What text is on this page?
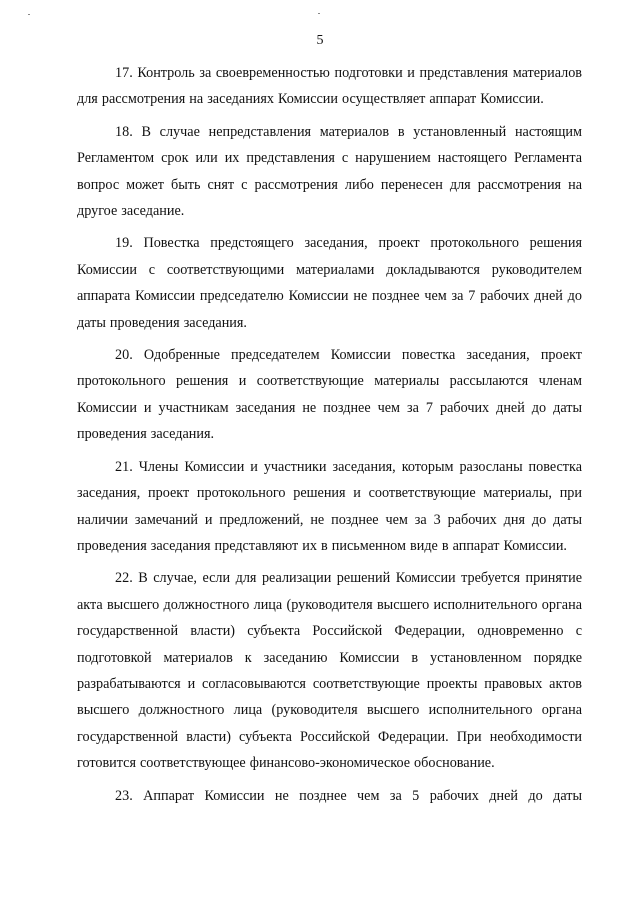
5

17. Контроль за своевременностью подготовки и представления материалов для рассмотрения на заседаниях Комиссии осуществляет аппарат Комиссии.

18. В случае непредставления материалов в установленный настоящим Регламентом срок или их представления с нарушением настоящего Регламента вопрос может быть снят с рассмотрения либо перенесен для рассмотрения на другое заседание.

19. Повестка предстоящего заседания, проект протокольного решения Комиссии с соответствующими материалами докладываются руководителем аппарата Комиссии председателю Комиссии не позднее чем за 7 рабочих дней до даты проведения заседания.

20. Одобренные председателем Комиссии повестка заседания, проект протокольного решения и соответствующие материалы рассылаются членам Комиссии и участникам заседания не позднее чем за 7 рабочих дней до даты проведения заседания.

21. Члены Комиссии и участники заседания, которым разосланы повестка заседания, проект протокольного решения и соответствующие материалы, при наличии замечаний и предложений, не позднее чем за 3 рабочих дня до даты проведения заседания представляют их в письменном виде в аппарат Комиссии.

22. В случае, если для реализации решений Комиссии требуется принятие акта высшего должностного лица (руководителя высшего исполнительного органа государственной власти) субъекта Российской Федерации, одновременно с подготовкой материалов к заседанию Комиссии в установленном порядке разрабатываются и согласовываются соответствующие проекты правовых актов высшего должностного лица (руководителя высшего исполнительного органа государственной власти) субъекта Российской Федерации. При необходимости готовится соответствующее финансово-экономическое обоснование.

23. Аппарат Комиссии не позднее чем за 5 рабочих дней до даты
